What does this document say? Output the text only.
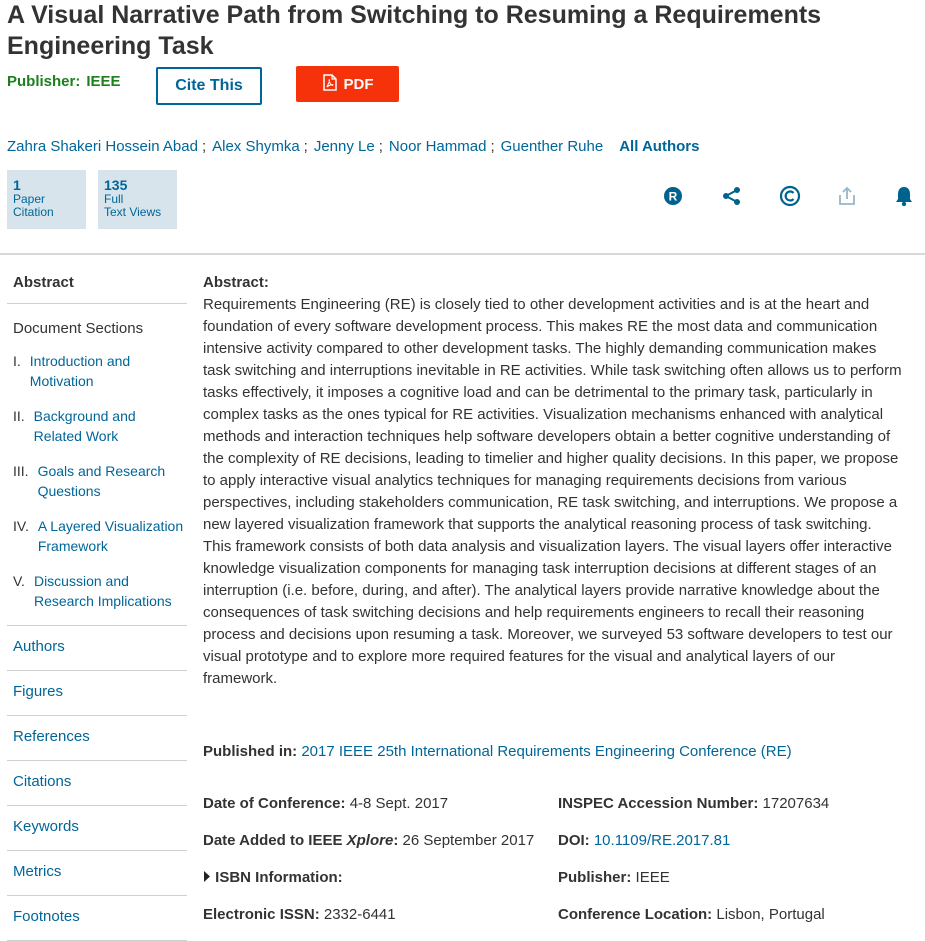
A Visual Narrative Path from Switching to Resuming a Requirements Engineering Task
Publisher: IEEE	Cite This	PDF
Zahra Shakeri Hossein Abad ; Alex Shymka ; Jenny Le ; Noor Hammad ; Guenther Ruhe All Authors
1
Paper
Citation
135
Full
Text Views
R
Abstract
Document Sections
I. Introduction and Motivation
II. Background and Related Work
III. Goals and Research Questions
IV. A Layered Visualization Framework
V. Discussion and Research Implications
Authors
Figures
References
Citations
Keywords
Metrics
Footnotes
Abstract:
Requirements Engineering (RE) is closely tied to other development activities and is at the heart and foundation of every software development process. This makes RE the most data and communication intensive activity compared to other development tasks. The highly demanding communication makes task switching and interruptions inevitable in RE activities. While task switching often allows us to perform tasks effectively, it imposes a cognitive load and can be detrimental to the primary task, particularly in complex tasks as the ones typical for RE activities. Visualization mechanisms enhanced with analytical methods and interaction techniques help software developers obtain a better cognitive understanding of the complexity of RE decisions, leading to timelier and higher quality decisions. In this paper, we propose to apply interactive visual analytics techniques for managing requirements decisions from various perspectives, including stakeholders communication, RE task switching, and interruptions. We propose a new layered visualization framework that supports the analytical reasoning process of task switching. This framework consists of both data analysis and visualization layers. The visual layers offer interactive knowledge visualization components for managing task interruption decisions at different stages of an interruption (i.e. before, during, and after). The analytical layers provide narrative knowledge about the consequences of task switching decisions and help requirements engineers to recall their reasoning process and decisions upon resuming a task. Moreover, we surveyed 53 software developers to test our visual prototype and to explore more required features for the visual and analytical layers of our framework.
Published in: 2017 IEEE 25th International Requirements Engineering Conference (RE)
Date of Conference: 4-8 Sept. 2017	INSPEC Accession Number: 17207634
Date Added to IEEE Xplore: 26 September 2017 DOI: 10.1109/RE.2017.81
ISBN Information:	Publisher: IEEE
Electronic ISSN: 2332-6441	Conference Location: Lisbon, Portugal
